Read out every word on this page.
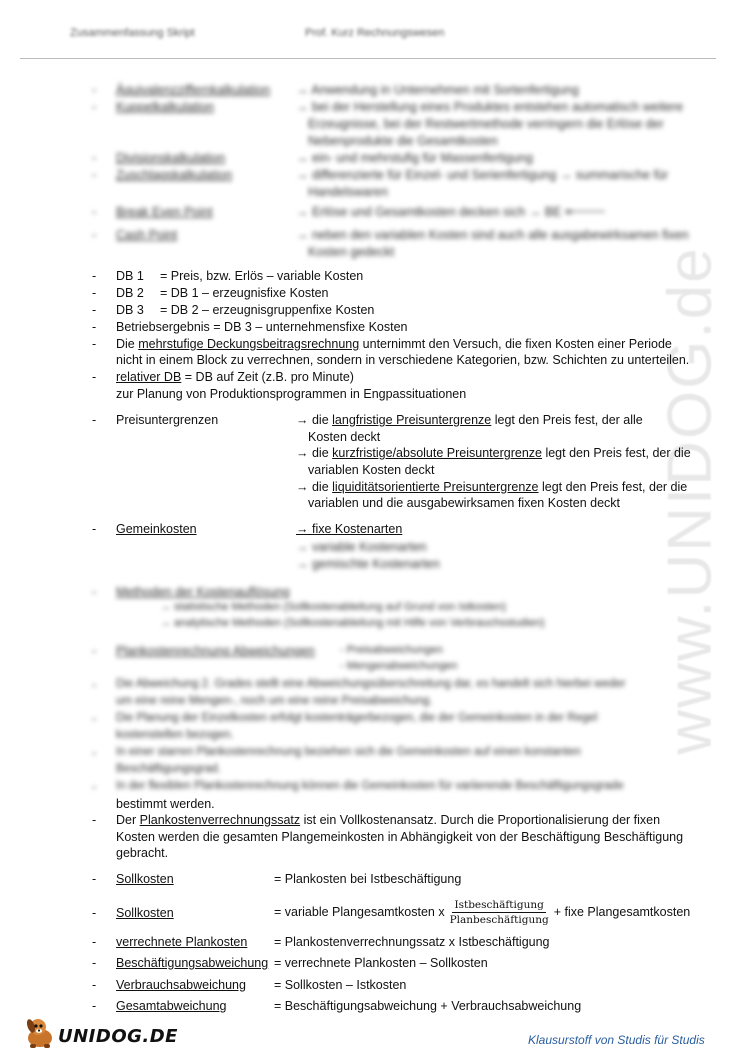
Zusammenfassung Skript	Prof. Kurz Rechnungswesen
www.UNIDOG.de
- Äquivalenzziffernkalkulation → Anwendung in Unternehmen mit Sortenfertigung
- Kuppelkalkulation	→ bei der Herstellung eines Produktes entstehen automatisch weitere
Erzeugnisse, bei der Restwertmethode verringern die Erlöse der
Nebenprodukte die Gesamtkosten
- Divisionskalkulation	→ ein- und mehrstufig für Massenfertigung
- Zuschlagskalkulation	→ differenzierte für Einzel- und Serienfertigung → summarische für
Handelswaren
- Break Even Point	→ Erlöse und Gesamtkosten decken sich → BE =

- Cash Point	→ neben den variablen Kosten sind auch alle ausgabewirksamen fixen
Kosten gedeckt
- DB 1 = Preis, bzw. Erlös – variable Kosten
- DB 2 = DB 1 – erzeugnisfixe Kosten
- DB 3 = DB 2 – erzeugnisgruppenfixe Kosten
- Betriebsergebnis = DB 3 – unternehmensfixe Kosten
- Die mehrstufige Deckungsbeitragsrechnung unternimmt den Versuch, die fixen Kosten einer Periode
nicht in einem Block zu verrechnen, sondern in verschiedene Kategorien, bzw. Schichten zu unterteilen.
- relativer DB = DB auf Zeit (z.B. pro Minute)
zur Planung von Produktionsprogrammen in Engpassituationen
- Preisuntergrenzen	→ die langfristige Preisuntergrenze legt den Preis fest, der alle
Kosten deckt
→ die kurzfristige/absolute Preisuntergrenze legt den Preis fest, der die
variablen Kosten deckt
→ die liquiditätsorientierte Preisuntergrenze legt den Preis fest, der die
variablen und die ausgabewirksamen fixen Kosten deckt
- Gemeinkosten	→ fixe Kostenarten
→ variable Kostenarten
→ gemischte Kostenarten
- Methoden der Kostenauflösung
→ statistische Methoden (Sollkostenableitung auf Grund von Istkosten)
→ analytische Methoden (Sollkostenableitung mit Hilfe von Verbrauchsstudien)
- Plankostenrechnung Abweichungen - Preisabweichungen
- Mengenabweichungen
- Die Abweichung 2. Grades stellt eine Abweichungsüberschreitung dar, es handelt sich hierbei weder
um eine reine Mengen-, noch um eine reine Preisabweichung.
- Die Planung der Einzelkosten erfolgt kostenträgerbezogen, die der Gemeinkosten in der Regel
kostenstellen bezogen.
- In einer starren Plankostenrechnung beziehen sich die Gemeinkosten auf einen konstanten
Beschäftigungsgrad.
- In der flexiblen Plankostenrechnung können die Gemeinkosten für variierende Beschäftigungsgrade
bestimmt werden.
- Der Plankostenverrechnungssatz ist ein Vollkostenansatz. Durch die Proportionalisierung der fixen
Kosten werden die gesamten Plangemeinkosten in Abhängigkeit von der Beschäftigung Beschäftigung
gebracht.
- Sollkosten	= Plankosten bei Istbeschäftigung
- Sollkosten	= variable Plangesamtkosten x $\frac{\text{Istbeschäftigung}}{\text{Planbeschäftigung}}$ + fixe Plangesamtkosten
- verrechnete Plankosten = Plankostenverrechnungssatz x Istbeschäftigung
- Beschäftigungsabweichung = verrechnete Plankosten – Sollkosten
- Verbrauchsabweichung = Sollkosten – Istkosten
- Gesamtabweichung	= Beschäftigungsabweichung + Verbrauchsabweichung
UNIDOG.DE	Klausurstoff von Studis für Studis
